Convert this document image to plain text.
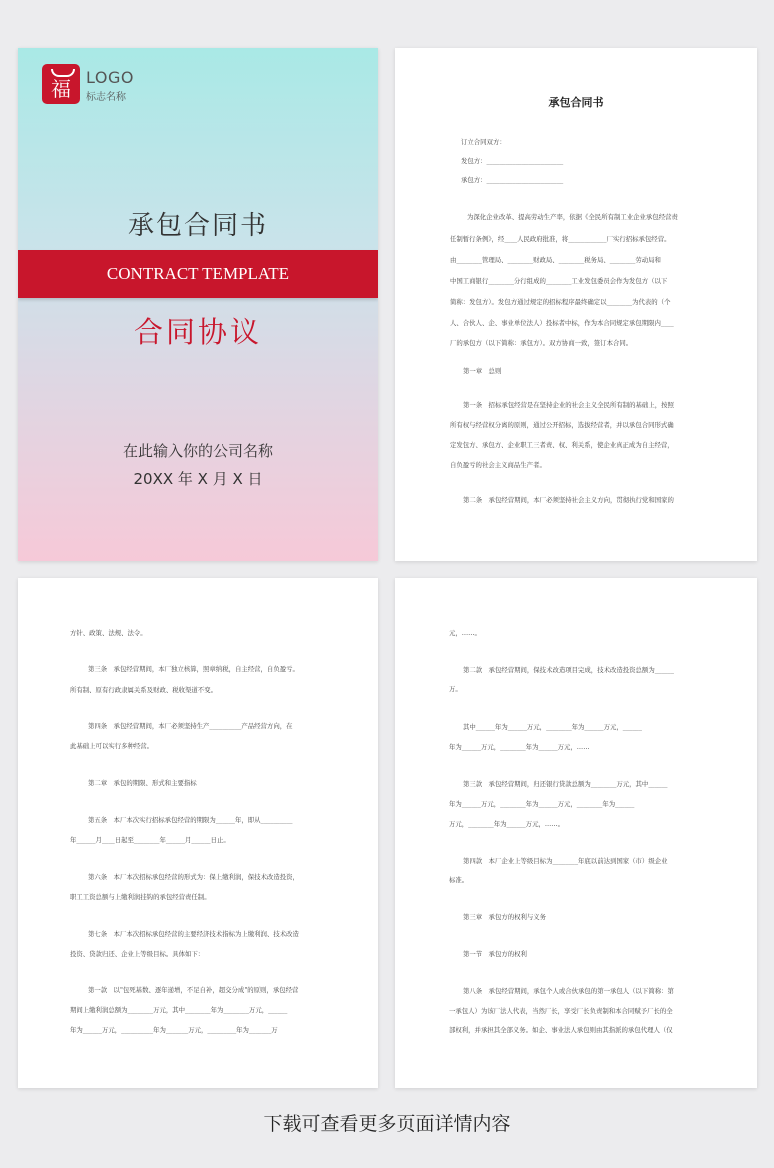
福 LOGO
标志名称
承包合同书
CONTRACT TEMPLATE
合同协议
在此输入你的公司名称
20XX 年 X 月 X 日
承包合同书
订立合同双方：
发包方：________________________
承包方：________________________
为深化企业改革、提高劳动生产率，依据《全民所有制工业企业承包经营责
任制暂行条例》，经____人民政府批准，将____________厂实行招标承包经营。
由________管理局、________财政局、________税务局、________劳动局和
中国工商银行________分行组成的________工业发包委员会作为发包方（以下
简称：发包方）。发包方通过规定的招标程序最终确定以________为代表的（个
人、合伙人、企、事业单位法人）投标者中标，作为本合同规定承包期限内____
厂的承包方（以下简称：承包方）。双方协商一致，签订本合同。
第一章　总则
第一条　招标承包经营是在坚持企业的社会主义全民所有制的基础上，按照
所有权与经营权分离的原则，通过公开招标，选拔经营者，并以承包合同形式确
定发包方、承包方、企业职工三者责、权、利关系，使企业真正成为自主经营，
自负盈亏的社会主义商品生产者。
第二条　承包经营期间，本厂必须坚持社会主义方向，贯彻执行党和国家的
方针、政策、法规、法令。
第三条　承包经营期间，本厂独立核算，照章纳税，自主经营，自负盈亏。
所有制、原有行政隶属关系及财政、税收渠道不变。
第四条　承包经营期间，本厂必须坚持生产__________产品经营方向，在
此基础上可以实行多种经营。
第二章　承包的期限、形式和主要指标
第五条　本厂本次实行招标承包经营的期限为______年，即从__________
年______月____日起至________年______月______日止。
第六条　本厂本次招标承包经营的形式为：保上缴利润，保技术改造投资，
职工工资总额与上缴利润挂钩的承包经营责任制。
第七条　本厂本次招标承包经营的主要经济技术指标为上缴利润、技术改造
投资、贷款归还、企业上等级目标。具体如下：
第一款　以"包死基数、逐年递增，不足自补，超交分成"的原则，承包经营
期间上缴利润总额为________万元，其中________年为________万元，______
年为______万元，__________年为_______万元，_________年为_______万
元，……。
第二款　承包经营期间，保技术改造项目完成，技术改造投资总额为______
万。
其中______年为______万元，________年为______万元，______
年为______万元，________年为______万元，……
第三款　承包经营期间，归还银行贷款总额为________万元，其中______
年为______万元，________年为______万元，________年为______
万元，________年为______万元，……。
第四款　本厂企业上等级目标为________年底以前达到国家（市）级企业
标准。
第三章　承包方的权利与义务
第一节　承包方的权利
第八条　承包经营期间，承包个人或合伙承包的第一承包人（以下简称：第
一承包人）为该厂法人代表，当然厂长，享受厂长负责制和本合同赋予厂长的全
部权利，并承担其全部义务。如企、事业法人承包则由其指派的承包代理人（仅
下载可查看更多页面详情内容
